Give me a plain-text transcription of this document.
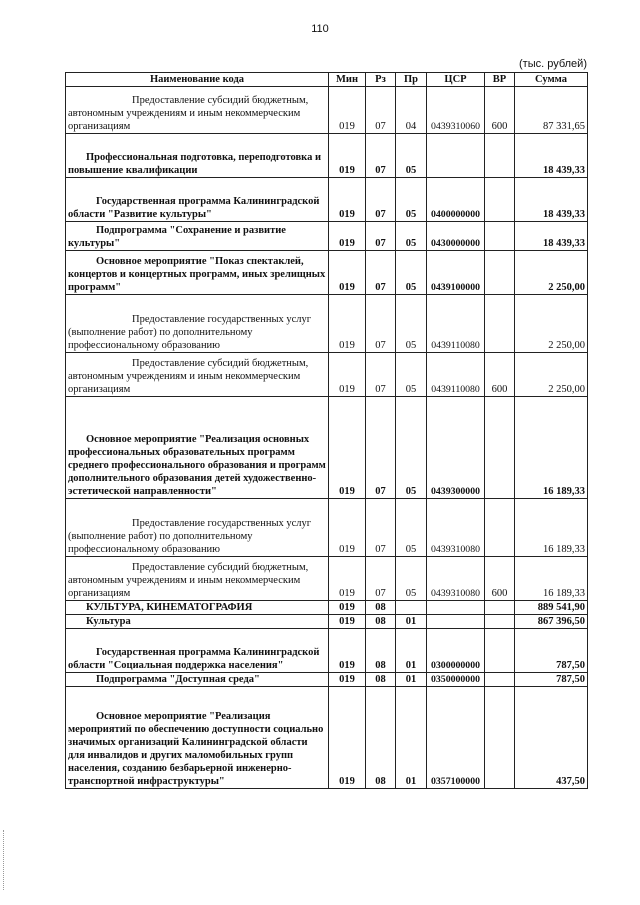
110
(тыс. рублей)
Наименование кода	Мин	Рз	Пр	ЦСР	ВР	Сумма
Предоставление субсидий бюджетным, автономным учреждениям и иным некоммерческим организациям	019	07	04	0439310060	600	87 331,65
Профессиональная подготовка, переподготовка и повышение квалификации	019	07	05			18 439,33
Государственная программа Калининградской области "Развитие культуры"	019	07	05	0400000000		18 439,33
Подпрограмма "Сохранение и развитие культуры"	019	07	05	0430000000		18 439,33
Основное мероприятие "Показ спектаклей, концертов и концертных программ, иных зрелищных программ"	019	07	05	0439100000		2 250,00
Предоставление государственных услуг (выполнение работ) по дополнительному профессиональному образованию	019	07	05	0439110080		2 250,00
Предоставление субсидий бюджетным, автономным учреждениям и иным некоммерческим организациям	019	07	05	0439110080	600	2 250,00
Основное мероприятие "Реализация основных профессиональных образовательных программ среднего профессионального образования и программ дополнительного образования детей художественно-эстетической направленности"	019	07	05	0439300000		16 189,33
Предоставление государственных услуг (выполнение работ) по дополнительному профессиональному образованию	019	07	05	0439310080		16 189,33
Предоставление субсидий бюджетным, автономным учреждениям и иным некоммерческим организациям	019	07	05	0439310080	600	16 189,33
КУЛЬТУРА, КИНЕМАТОГРАФИЯ	019	08				889 541,90
Культура	019	08	01			867 396,50
Государственная программа Калининградской области "Социальная поддержка населения"	019	08	01	0300000000		787,50
Подпрограмма "Доступная среда"	019	08	01	0350000000		787,50
Основное мероприятие "Реализация мероприятий по обеспечению доступности социально значимых организаций Калининградской области для инвалидов и других маломобильных групп населения, созданию безбарьерной инженерно-транспортной инфраструктуры"	019	08	01	0357100000		437,50
